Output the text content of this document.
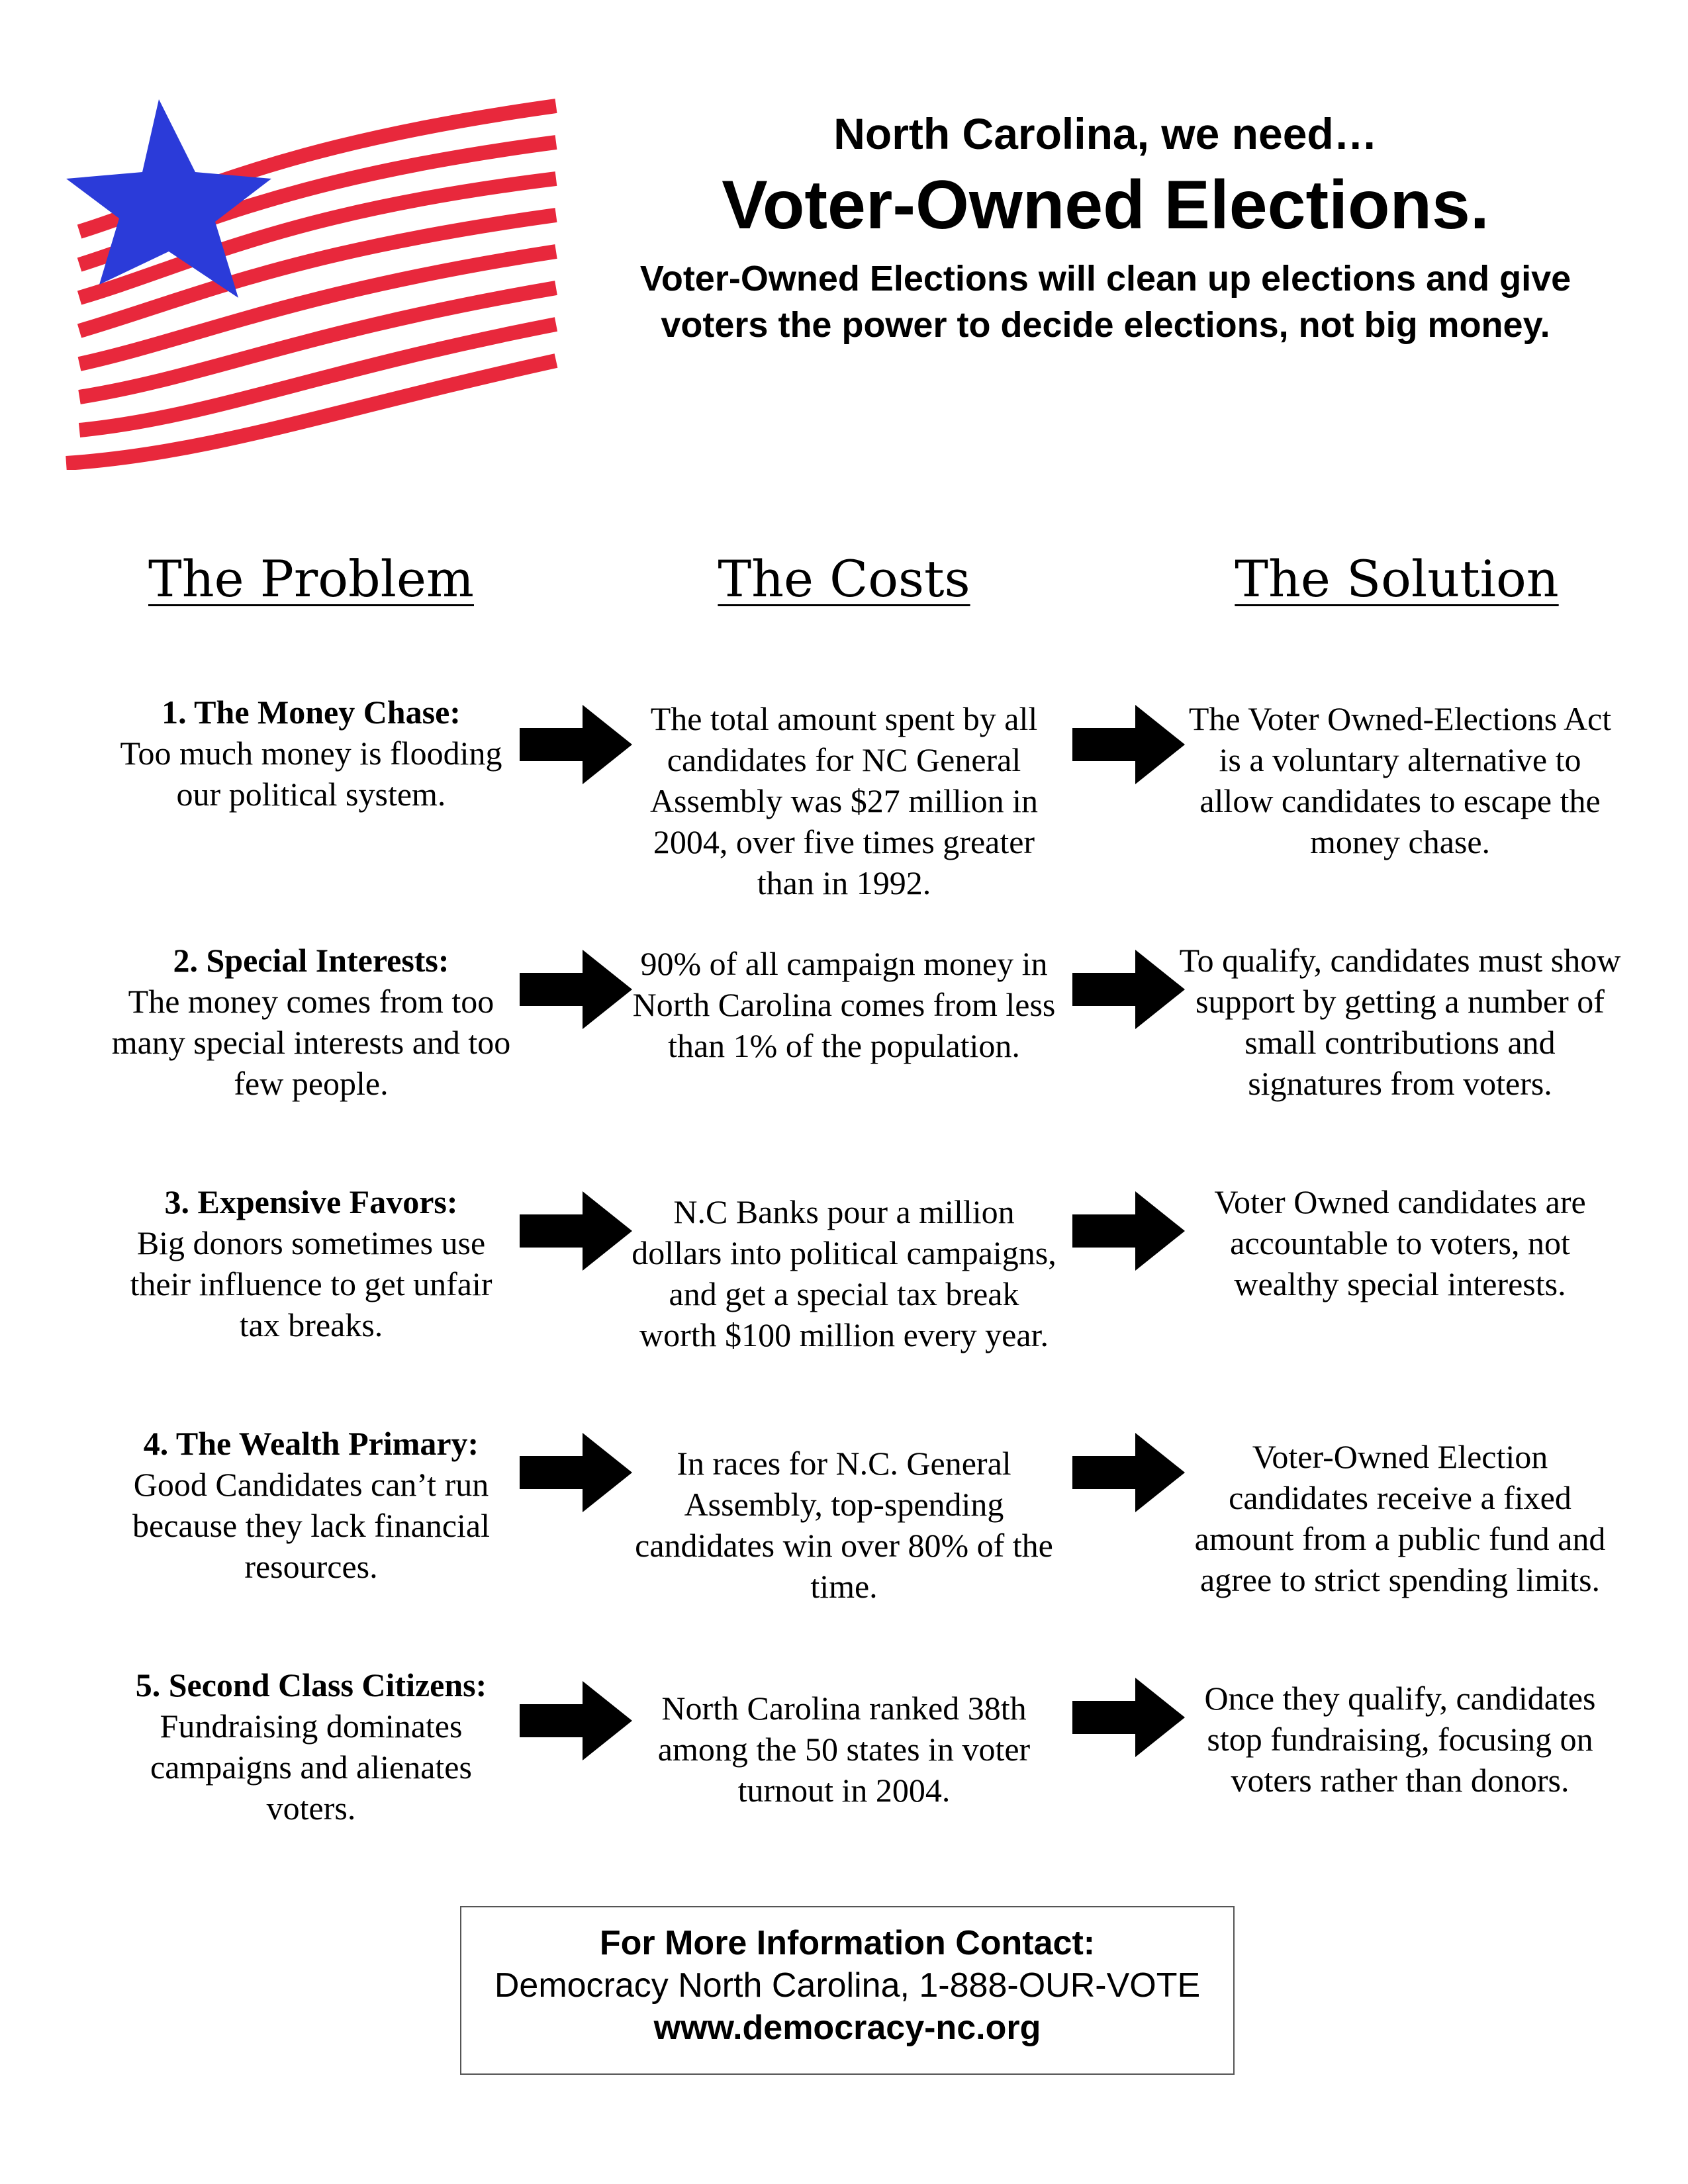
North Carolina, we need…
Voter-Owned Elections.
Voter-Owned Elections will clean up elections and give
voters the power to decide elections, not big money.
The Problem	The Costs	The Solution
1. The Money Chase:
Too much money is flooding our political system.
The total amount spent by all candidates for NC General Assembly was $27 million in 2004, over five times greater than in 1992.
The Voter Owned-Elections Act is a voluntary alternative to allow candidates to escape the money chase.
2. Special Interests:
The money comes from too many special interests and too few people.
90% of all campaign money in North Carolina comes from less than 1% of the population.
To qualify, candidates must show support by getting a number of small contributions and signatures from voters.
3. Expensive Favors:
Big donors sometimes use their influence to get unfair tax breaks.
N.C Banks pour a million dollars into political campaigns, and get a special tax break worth $100 million every year.
Voter Owned candidates are accountable to voters, not wealthy special interests.
4. The Wealth Primary:
Good Candidates can’t run because they lack financial resources.
In races for N.C. General Assembly, top-spending candidates win over 80% of the time.
Voter-Owned Election candidates receive a fixed amount from a public fund and agree to strict spending limits.
5. Second Class Citizens:
Fundraising dominates campaigns and alienates voters.
North Carolina ranked 38th among the 50 states in voter turnout in 2004.
Once they qualify, candidates stop fundraising, focusing on voters rather than donors.
For More Information Contact:
Democracy North Carolina, 1-888-OUR-VOTE
www.democracy-nc.org
